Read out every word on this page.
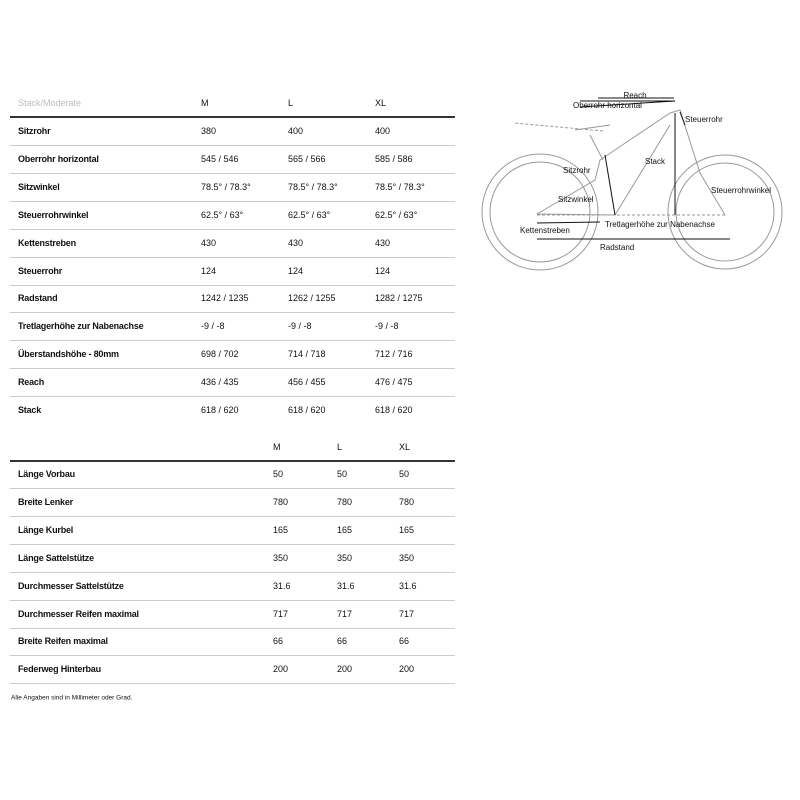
Stack/Moderate	M	L	XL
Sitzrohr	380	400	400
Oberrohr horizontal	545 / 546	565 / 566	585 / 586
Sitzwinkel	78.5° / 78.3°	78.5° / 78.3°	78.5° / 78.3°
Steuerrohrwinkel	62.5° / 63°	62.5° / 63°	62.5° / 63°
Kettenstreben	430	430	430
Steuerrohr	124	124	124
Radstand	1242 / 1235	1262 / 1255	1282 / 1275
Tretlagerhöhe zur Nabenachse	-9 / -8	-9 / -8	-9 / -8
Überstandshöhe - 80mm	698 / 702	714 / 718	712 / 716
Reach	436 / 435	456 / 455	476 / 475
Stack	618 / 620	618 / 620	618 / 620
M	L	XL
Länge Vorbau	50	50	50
Breite Lenker	780	780	780
Länge Kurbel	165	165	165
Länge Sattelstütze	350	350	350
Durchmesser Sattelstütze	31.6	31.6	31.6
Durchmesser Reifen maximal	717	717	717
Breite Reifen maximal	66	66	66
Federweg Hinterbau	200	200	200
Alle Angaben sind in Millimeter oder Grad.
Reach
Oberrohr horizontal
Steuerrohr
Stack
Sitzrohr
Sitzwinkel
Steuerrohrwinkel
Kettenstreben
Tretlagerhöhe zur Nabenachse
Radstand
